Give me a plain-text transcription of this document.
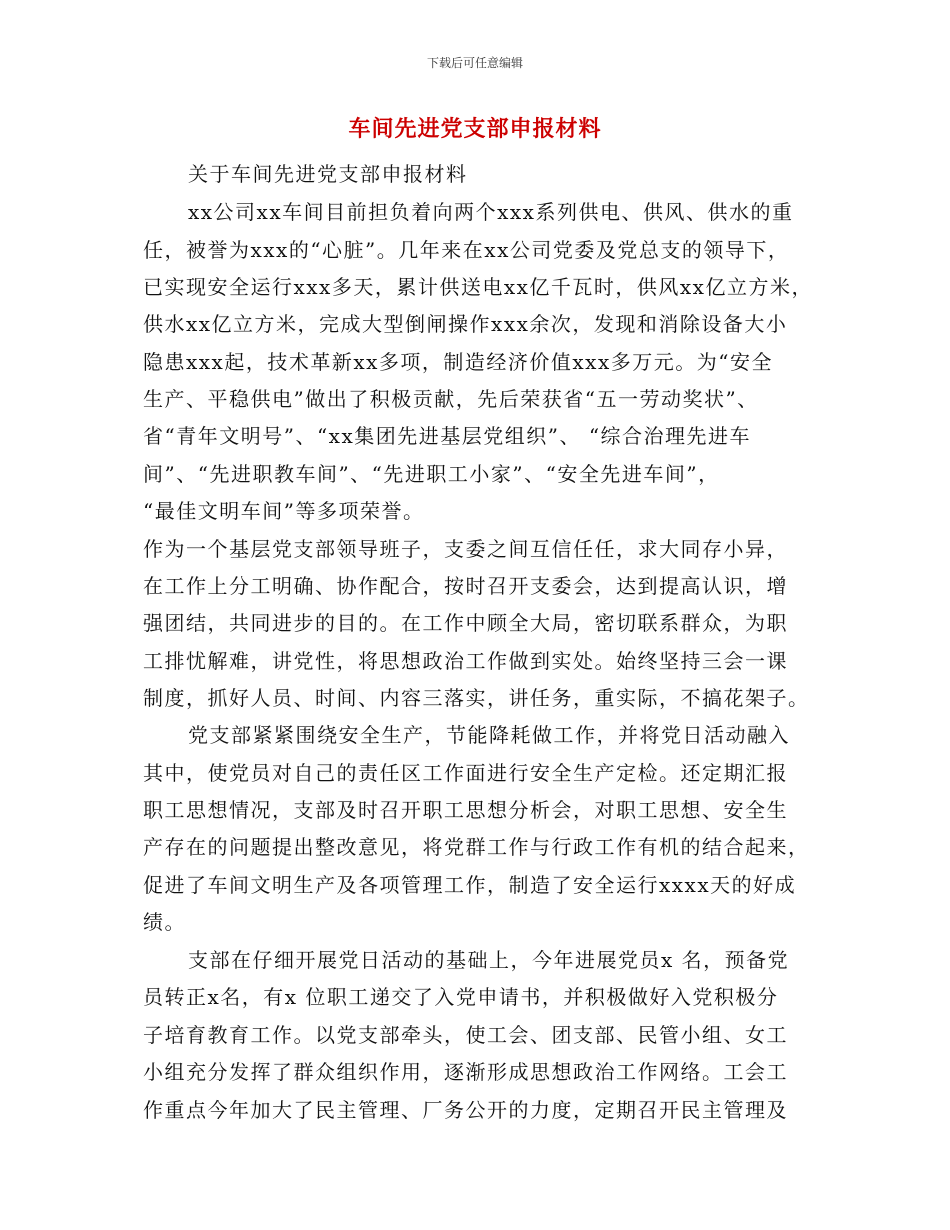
下载后可任意编辑
车间先进党支部申报材料
关于车间先进党支部申报材料
xx公司xx车间目前担负着向两个xxx系列供电、供风、供水的重
任，被誉为xxx的“心脏”。几年来在xx公司党委及党总支的领导下，
已实现安全运行xxx多天，累计供送电xx亿千瓦时，供风xx亿立方米，
供水xx亿立方米，完成大型倒闸操作xxx余次，发现和消除设备大小
隐患xxx起，技术革新xx多项，制造经济价值xxx多万元。为“安全
生产、平稳供电”做出了积极贡献，先后荣获省“五一劳动奖状”、
省“青年文明号”、“xx集团先进基层党组织”、 “综合治理先进车
间”、“先进职教车间”、“先进职工小家”、“安全先进车间”，
“最佳文明车间”等多项荣誉。
作为一个基层党支部领导班子，支委之间互信任任，求大同存小异，
在工作上分工明确、协作配合，按时召开支委会，达到提高认识，增
强团结，共同进步的目的。在工作中顾全大局，密切联系群众，为职
工排忧解难，讲党性，将思想政治工作做到实处。始终坚持三会一课
制度，抓好人员、时间、内容三落实，讲任务，重实际，不搞花架子。
党支部紧紧围绕安全生产，节能降耗做工作，并将党日活动融入
其中，使党员对自己的责任区工作面进行安全生产定检。还定期汇报
职工思想情况，支部及时召开职工思想分析会，对职工思想、安全生
产存在的问题提出整改意见，将党群工作与行政工作有机的结合起来，
促进了车间文明生产及各项管理工作，制造了安全运行xxxx天的好成
绩。
支部在仔细开展党日活动的基础上，今年进展党员x 名，预备党
员转正x名，有x 位职工递交了入党申请书，并积极做好入党积极分
子培育教育工作。以党支部牵头，使工会、团支部、民管小组、女工
小组充分发挥了群众组织作用，逐渐形成思想政治工作网络。工会工
作重点今年加大了民主管理、厂务公开的力度，定期召开民主管理及
